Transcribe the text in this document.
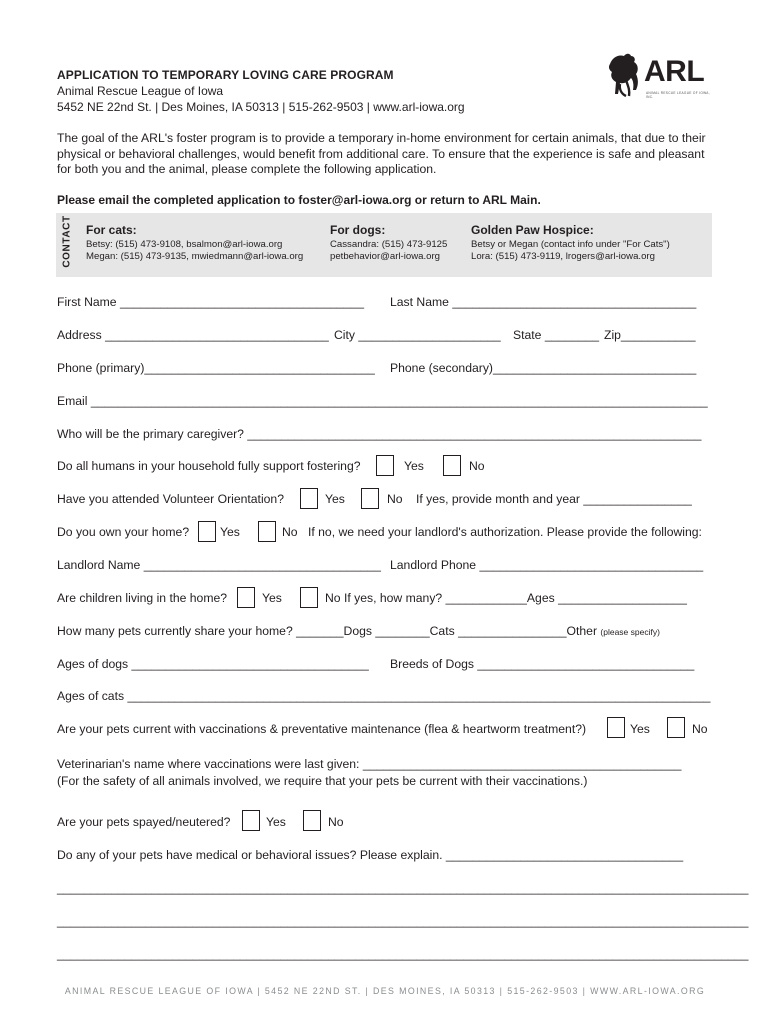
APPLICATION TO TEMPORARY LOVING CARE PROGRAM
Animal Rescue League of Iowa
5452 NE 22nd St. | Des Moines, IA 50313 | 515-262-9503 | www.arl-iowa.org
ARL
ANIMAL RESCUE LEAGUE OF IOWA, INC.
The goal of the ARL's foster program is to provide a temporary in-home environment for certain animals, that due to their physical or behavioral challenges, would benefit from additional care. To ensure that the experience is safe and pleasant for both you and the animal, please complete the following application.
Please email the completed application to foster@arl-iowa.org or return to ARL Main.
CONTACT For cats:
Betsy: (515) 473-9108, bsalmon@arl-iowa.org
Megan: (515) 473-9135, mwiedmann@arl-iowa.org
For dogs:
Cassandra: (515) 473-9125
petbehavior@arl-iowa.org
Golden Paw Hospice:
Betsy or Megan (contact info under "For Cats")
Lora: (515) 473-9119, lrogers@arl-iowa.org
First Name ____________________________________ Last Name ____________________________________
Address _________________________________ City _____________________ State ________ Zip___________
Phone (primary)__________________________________ Phone (secondary)______________________________
Email ___________________________________________________________________________________________
Who will be the primary caregiver? ___________________________________________________________________
Do all humans in your household fully support fostering?	Yes	No
Have you attended Volunteer Orientation?	Yes	No If yes, provide month and year ________________
Do you own your home?	Yes	No If no, we need your landlord's authorization. Please provide the following:
Landlord Name ___________________________________ Landlord Phone _________________________________
Are children living in the home?	Yes	No If yes, how many? ____________Ages ___________________
How many pets currently share your home? _______Dogs ________Cats ________________Other (please specify)
Ages of dogs ___________________________________ Breeds of Dogs ________________________________
Ages of cats ______________________________________________________________________________________
Are your pets current with vaccinations & preventative maintenance (flea & heartworm treatment?)	Yes	No
Veterinarian's name where vaccinations were last given: _______________________________________________
(For the safety of all animals involved, we require that your pets be current with their vaccinations.)
Are your pets spayed/neutered?	Yes	No
Do any of your pets have medical or behavioral issues? Please explain. ___________________________________
______________________________________________________________________________________________________
______________________________________________________________________________________________________
______________________________________________________________________________________________________
ANIMAL RESCUE LEAGUE OF IOWA | 5452 NE 22ND ST. | DES MOINES, IA 50313 | 515-262-9503 | WWW.ARL-IOWA.ORG
